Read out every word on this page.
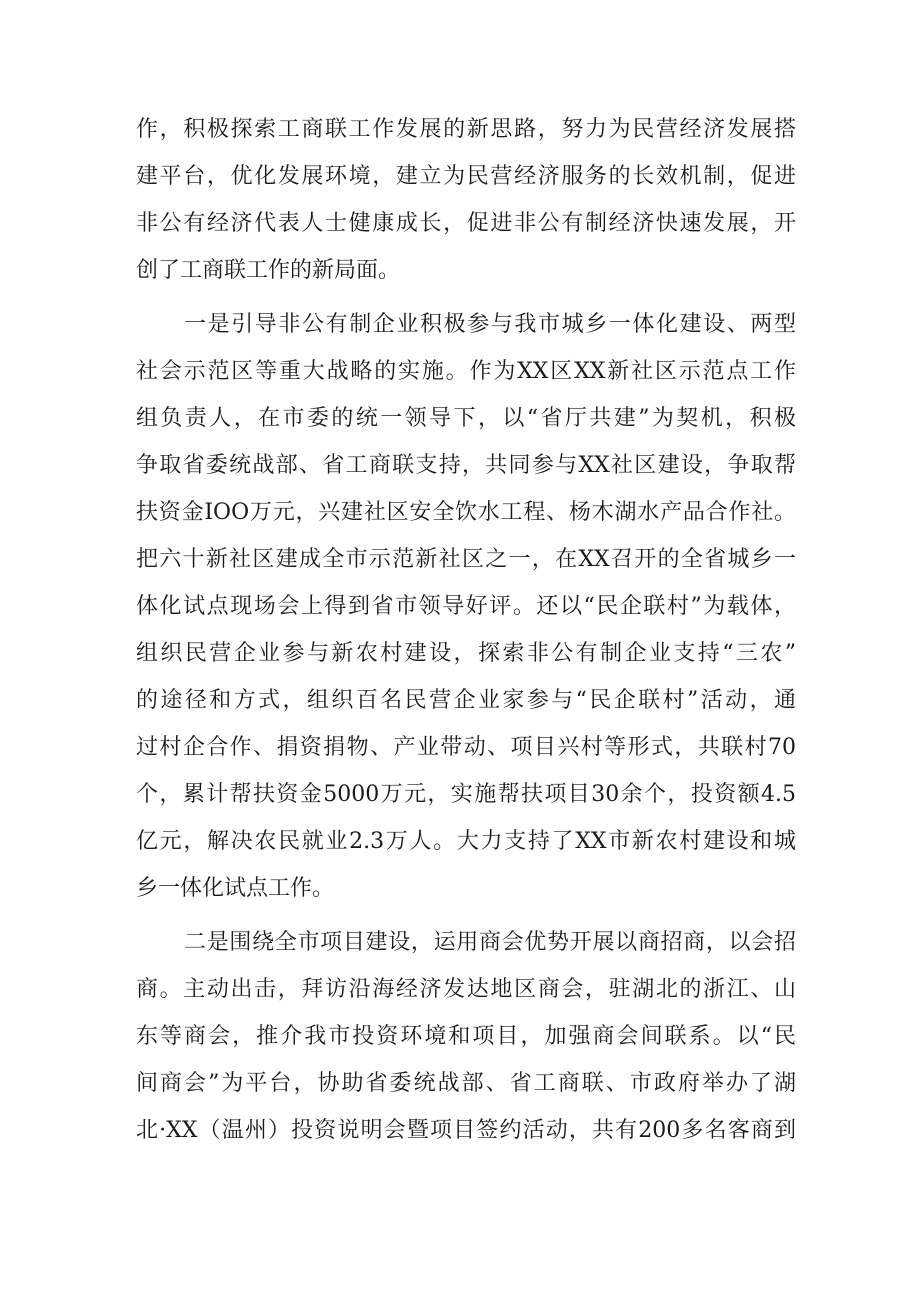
作，积极探索工商联工作发展的新思路，努力为民营经济发展搭
建平台，优化发展环境，建立为民营经济服务的长效机制，促进
非公有经济代表人士健康成长，促进非公有制经济快速发展，开
创了工商联工作的新局面。
一是引导非公有制企业积极参与我市城乡一体化建设、两型
社会示范区等重大战略的实施。作为XX区XX新社区示范点工作
组负责人，在市委的统一领导下，以“省厅共建”为契机，积极
争取省委统战部、省工商联支持，共同参与XX社区建设，争取帮
扶资金IOO万元，兴建社区安全饮水工程、杨木湖水产品合作社。
把六十新社区建成全市示范新社区之一，在XX召开的全省城乡一
体化试点现场会上得到省市领导好评。还以“民企联村”为载体，
组织民营企业参与新农村建设，探索非公有制企业支持“三农”
的途径和方式，组织百名民营企业家参与“民企联村”活动，通
过村企合作、捐资捐物、产业带动、项目兴村等形式，共联村70
个，累计帮扶资金5000万元，实施帮扶项目30余个，投资额4.5
亿元，解决农民就业2.3万人。大力支持了XX市新农村建设和城
乡一体化试点工作。
二是围绕全市项目建设，运用商会优势开展以商招商，以会招
商。主动出击，拜访沿海经济发达地区商会，驻湖北的浙江、山
东等商会，推介我市投资环境和项目，加强商会间联系。以“民
间商会”为平台，协助省委统战部、省工商联、市政府举办了湖
北·XX（温州）投资说明会暨项目签约活动，共有200多名客商到
